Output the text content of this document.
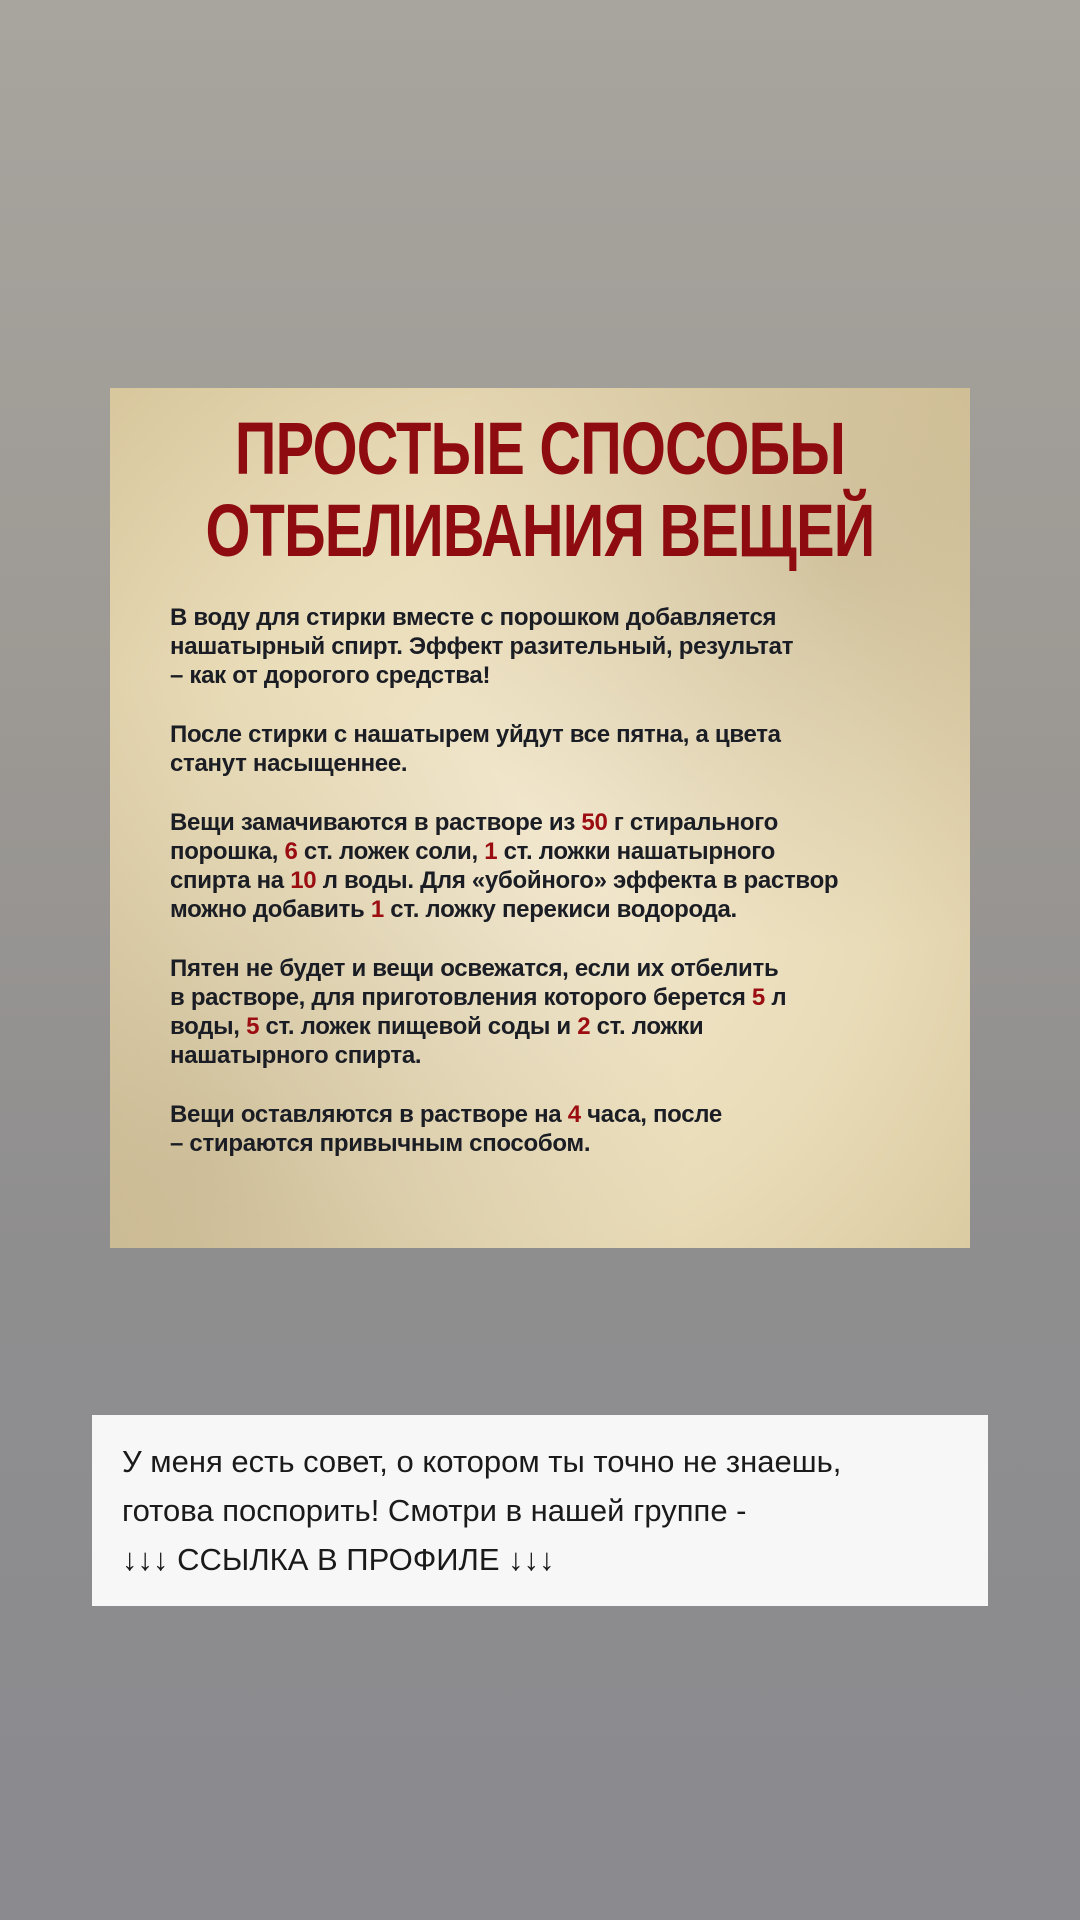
ПРОСТЫЕ СПОСОБЫ
ОТБЕЛИВАНИЯ ВЕЩЕЙ
В воду для стирки вместе с порошком добавляется
нашатырный спирт. Эффект разительный, результат
– как от дорогого средства!
После стирки с нашатырем уйдут все пятна, а цвета
станут насыщеннее.
Вещи замачиваются в растворе из 50 г стирального
порошка, 6 ст. ложек соли, 1 ст. ложки нашатырного
спирта на 10 л воды. Для «убойного» эффекта в раствор
можно добавить 1 ст. ложку перекиси водорода.
Пятен не будет и вещи освежатся, если их отбелить
в растворе, для приготовления которого берется 5 л
воды, 5 ст. ложек пищевой соды и 2 ст. ложки
нашатырного спирта.
Вещи оставляются в растворе на 4 часа, после
– стираются привычным способом.
У меня есть совет, о котором ты точно не знаешь,
готова поспорить! Смотри в нашей группе -
↓↓↓ ССЫЛКА В ПРОФИЛЕ ↓↓↓
